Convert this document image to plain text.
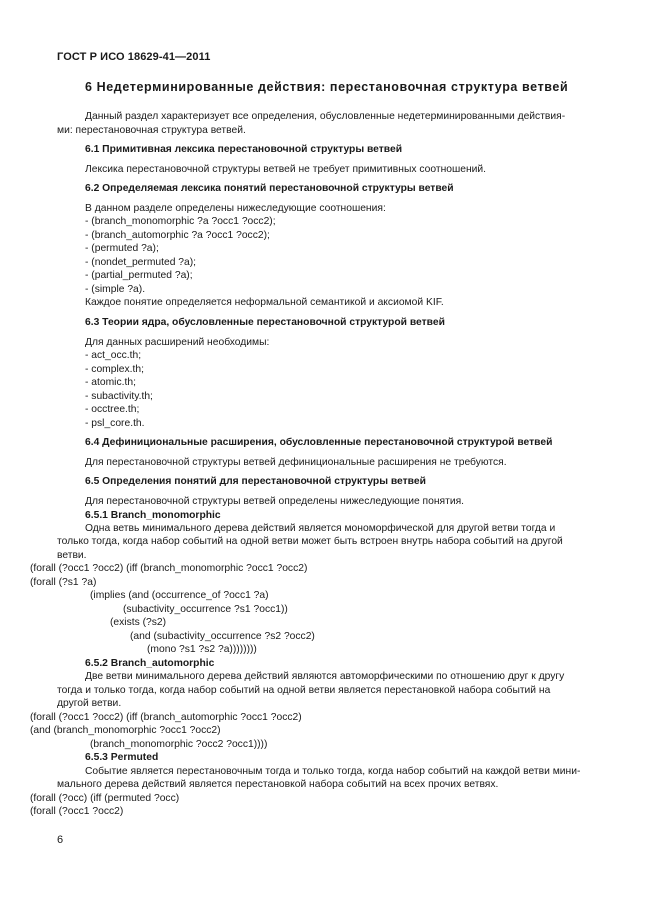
ГОСТ Р ИСО 18629-41—2011
6 Недетерминированные действия: перестановочная структура ветвей
Данный раздел характеризует все определения, обусловленные недетерминированными действия-
ми: перестановочная структура ветвей.
6.1 Примитивная лексика перестановочной структуры ветвей
Лексика перестановочной структуры ветвей не требует примитивных соотношений.
6.2 Определяемая лексика понятий перестановочной структуры ветвей
В данном разделе определены нижеследующие соотношения:
- (branch_monomorphic ?a ?occ1 ?occ2);
- (branch_automorphic ?a ?occ1 ?occ2);
- (permuted ?a);
- (nondet_permuted ?a);
- (partial_permuted ?a);
- (simple ?a).
Каждое понятие определяется неформальной семантикой и аксиомой KIF.
6.3 Теории ядра, обусловленные перестановочной структурой ветвей
Для данных расширений необходимы:
- act_occ.th;
- complex.th;
- atomic.th;
- subactivity.th;
- occtree.th;
- psl_core.th.
6.4 Дефинициональные расширения, обусловленные перестановочной структурой ветвей
Для перестановочной структуры ветвей дефинициональные расширения не требуются.
6.5 Определения понятий для перестановочной структуры ветвей
Для перестановочной структуры ветвей определены нижеследующие понятия.
6.5.1 Branch_monomorphic
Одна ветвь минимального дерева действий является мономорфической для другой ветви тогда и
только тогда, когда набор событий на одной ветви может быть встроен внутрь набора событий на другой
ветви.
(forall (?occ1 ?occ2) (iff (branch_monomorphic ?occ1 ?occ2)
(forall (?s1 ?a)
(implies (and (occurrence_of ?occ1 ?a)
(subactivity_occurrence ?s1 ?occ1))
(exists (?s2)
(and (subactivity_occurrence ?s2 ?occ2)
(mono ?s1 ?s2 ?a))))))))
6.5.2 Branch_automorphic
Две ветви минимального дерева действий являются автоморфическими по отношению друг к другу
тогда и только тогда, когда набор событий на одной ветви является перестановкой набора событий на
другой ветви.
(forall (?occ1 ?occ2) (iff (branch_automorphic ?occ1 ?occ2)
(and (branch_monomorphic ?occ1 ?occ2)
(branch_monomorphic ?occ2 ?occ1))))
6.5.3 Permuted
Событие является перестановочным тогда и только тогда, когда набор событий на каждой ветви мини-
мального дерева действий является перестановкой набора событий на всех прочих ветвях.
(forall (?occ) (iff (permuted ?occ)
(forall (?occ1 ?occ2)
6
